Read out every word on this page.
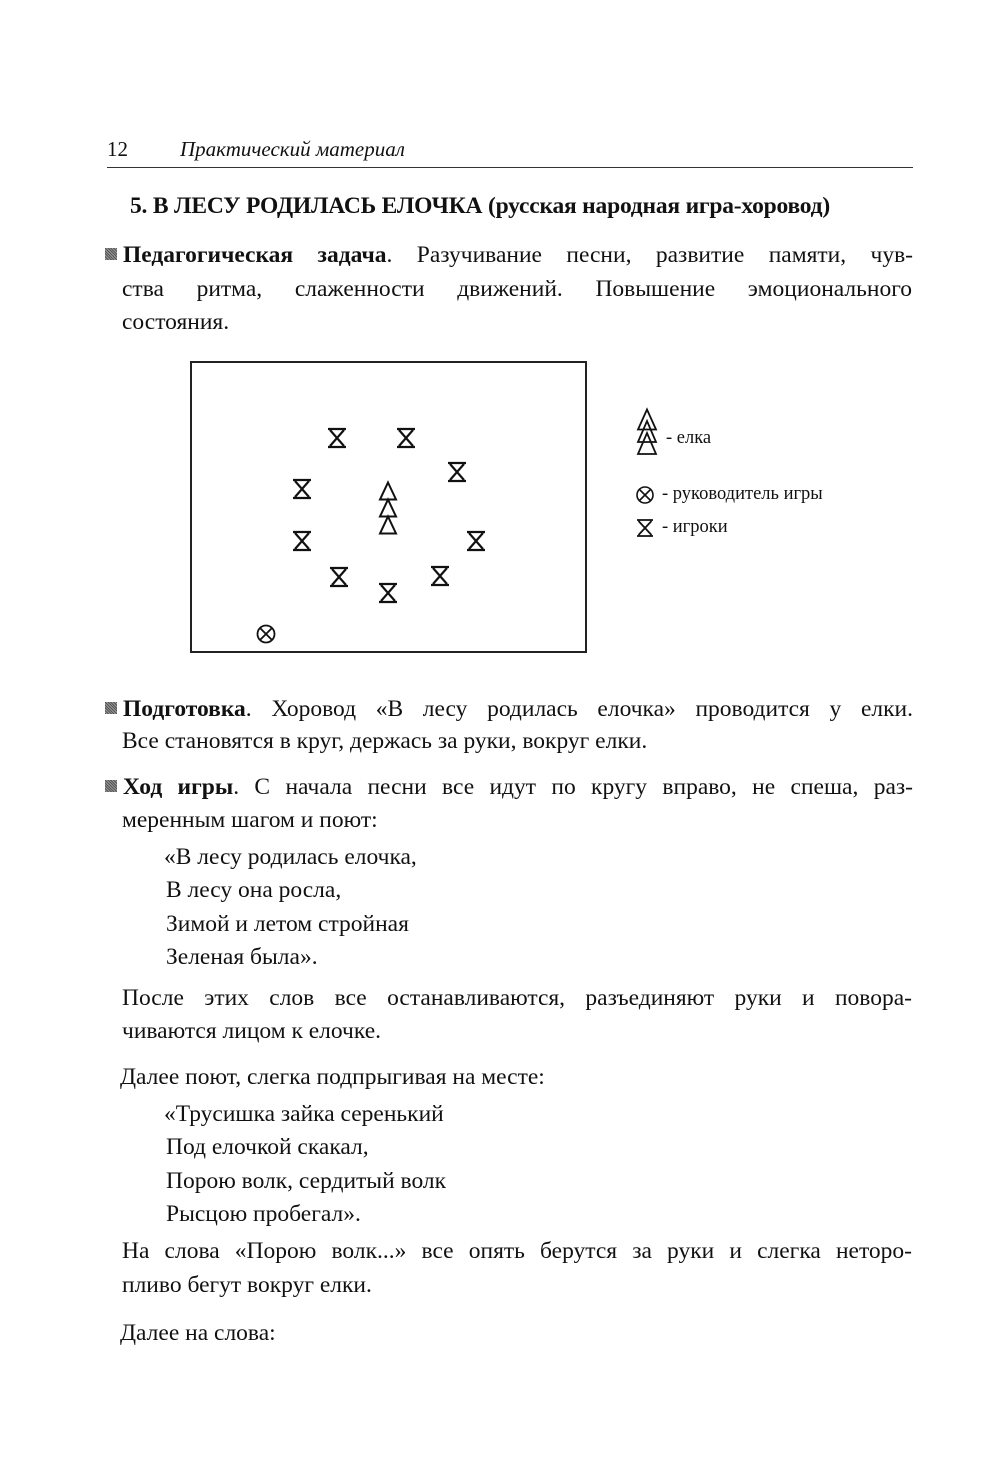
12 Практический материал
5. В ЛЕСУ РОДИЛАСЬ ЕЛОЧКА (русская народная игра-хоровод)
Педагогическая задача. Разучивание песни, развитие памяти, чув-
ства ритма, слаженности движений. Повышение эмоционального
состояния.
- елка
- руководитель игры
- игроки
Подготовка. Хоровод «В лесу родилась елочка» проводится у елки.
Все становятся в круг, держась за руки, вокруг елки.
Ход игры. С начала песни все идут по кругу вправо, не спеша, раз-
меренным шагом и поют:
«В лесу родилась елочка,
В лесу она росла,
Зимой и летом стройная
Зеленая была».
После этих слов все останавливаются, разъединяют руки и повора-
чиваются лицом к елочке.
Далее поют, слегка подпрыгивая на месте:
«Трусишка зайка серенький
Под елочкой скакал,
Порою волк, сердитый волк
Рысцою пробегал».
На слова «Порою волк...» все опять берутся за руки и слегка неторо-
пливо бегут вокруг елки.
Далее на слова:
